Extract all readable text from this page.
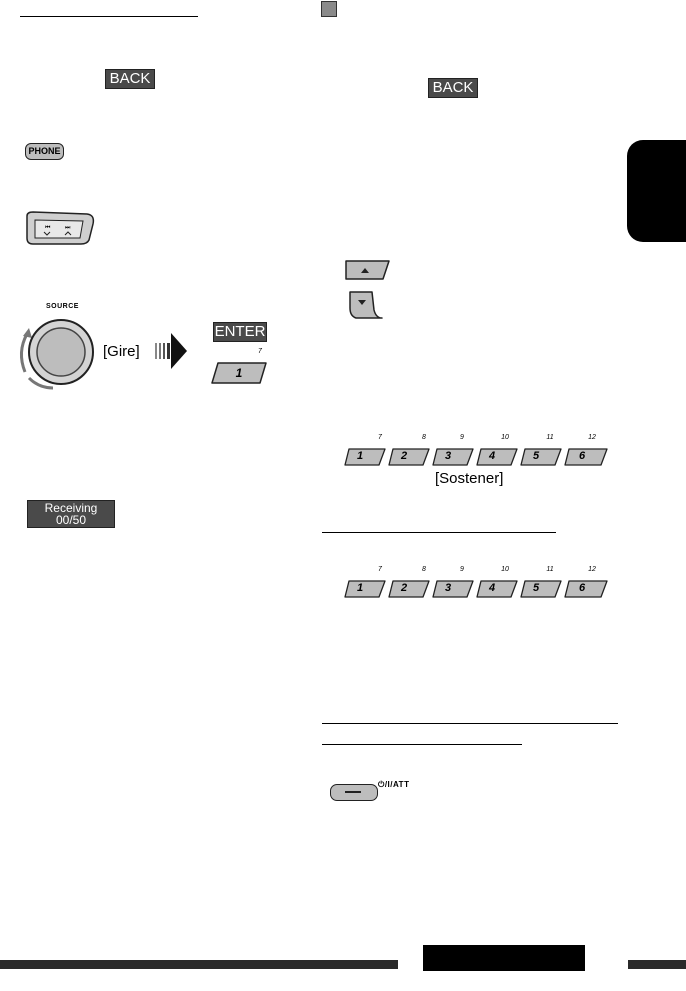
BACK
BACK
PHONE
⏮ ⏭
SOURCE
[Gire]
ENTER
7
1
Receiving
00/50
7	8	9	10	11	12
1	2	3	4	5	6
[Sostener]
7	8	9	10	11	12
1	2	3	4	5	6
⏻/I/ATT
